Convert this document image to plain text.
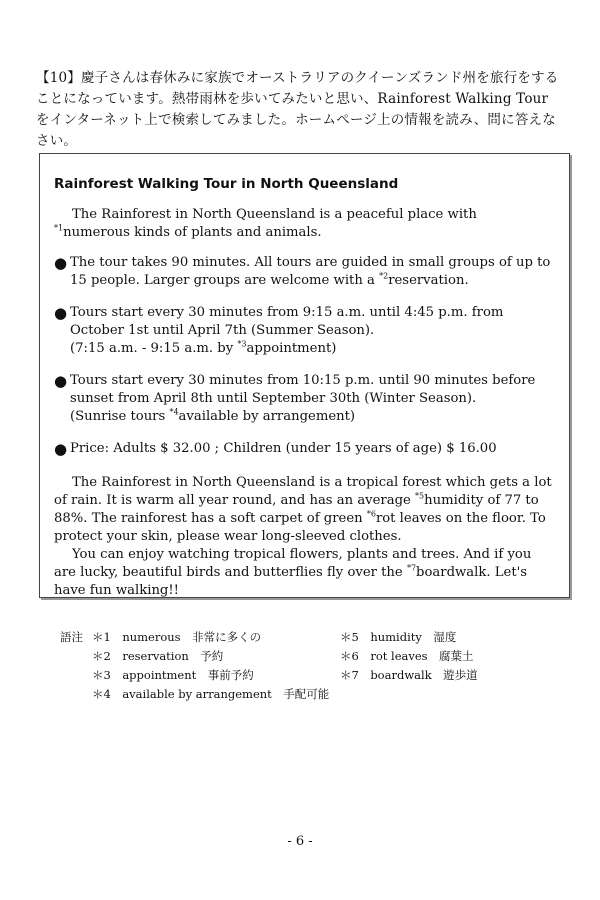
【10】慶子さんは春休みに家族でオーストラリアのクイーンズランド州を旅行をすることになっています。熱帯雨林を歩いてみたいと思い、Rainforest Walking Tour をインターネット上で検索してみました。ホームページ上の情報を読み、問に答えなさい。
Rainforest Walking Tour in North Queensland

The Rainforest in North Queensland is a peaceful place with $^{*1}$numerous kinds of plants and animals.

● The tour takes 90 minutes. All tours are guided in small groups of up to 15 people. Larger groups are welcome with a $^{*2}$reservation.
● Tours start every 30 minutes from 9:15 a.m. until 4:45 p.m. from October 1st until April 7th (Summer Season).
(7:15 a.m. - 9:15 a.m. by $^{*3}$appointment)
● Tours start every 30 minutes from 10:15 p.m. until 90 minutes before sunset from April 8th until September 30th (Winter Season).
(Sunrise tours $^{*4}$available by arrangement)
● Price: Adults $ 32.00 ; Children (under 15 years of age) $ 16.00

The Rainforest in North Queensland is a tropical forest which gets a lot of rain. It is warm all year round, and has an average $^{*5}$humidity of 77 to 88%. The rainforest has a soft carpet of green $^{*6}$rot leaves on the floor. To protect your skin, please wear long-sleeved clothes.

You can enjoy watching tropical flowers, plants and trees. And if you are lucky, beautiful birds and butterflies fly over the $^{*7}$boardwalk. Let's have fun walking!!

語注 ＊1　numerous　非常に多くの
＊2　reservation　予約
＊3　appointment　事前予約
＊4　available by arrangement　手配可能
＊5　humidity　湿度
＊6　rot leaves　腐葉土
＊7　boardwalk　遊歩道
- 6 -
